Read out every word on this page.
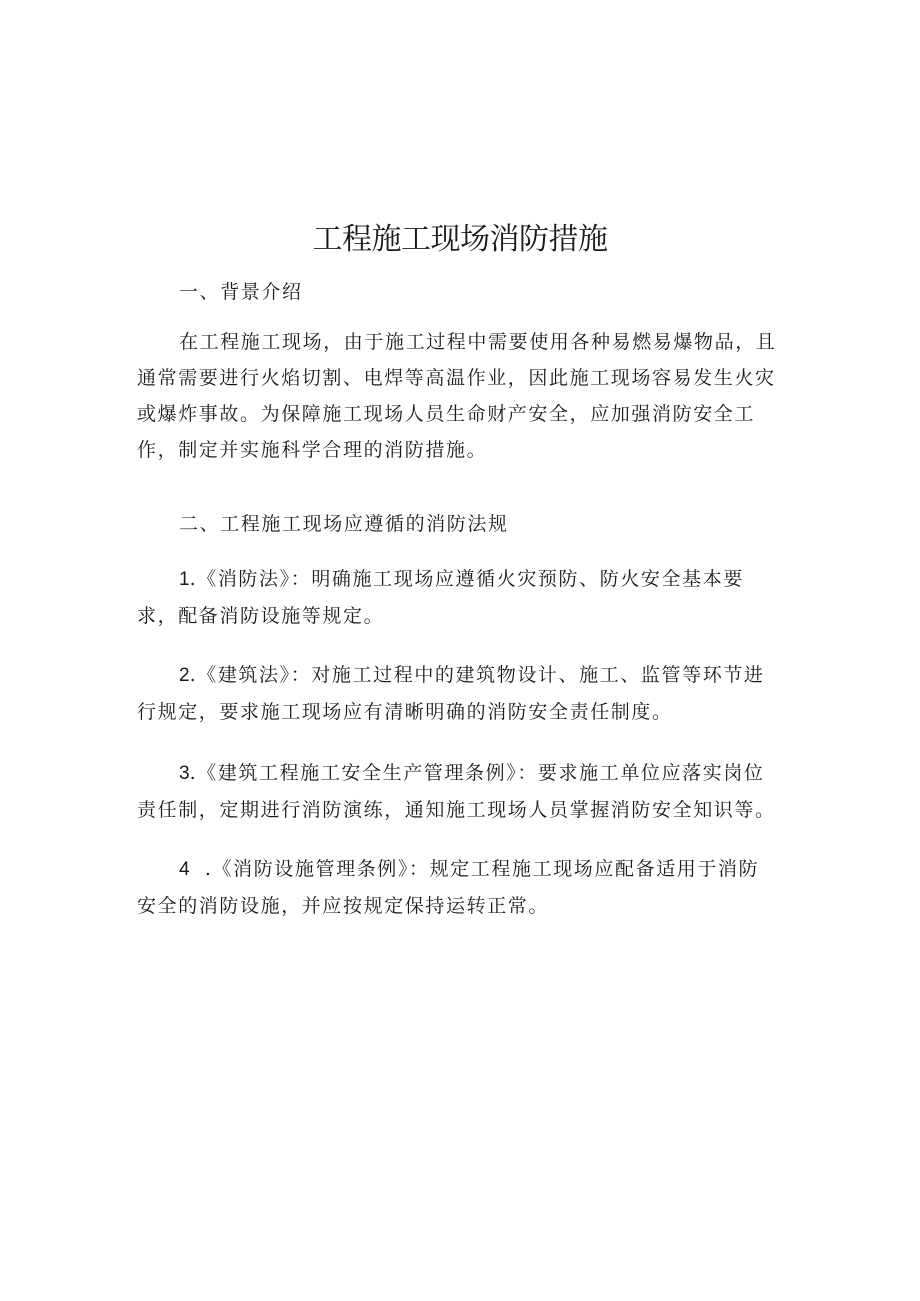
工程施工现场消防措施

一、背景介绍

在工程施工现场，由于施工过程中需要使用各种易燃易爆物品，且通常需要进行火焰切割、电焊等高温作业，因此施工现场容易发生火灾或爆炸事故。为保障施工现场人员生命财产安全，应加强消防安全工作，制定并实施科学合理的消防措施。

二、工程施工现场应遵循的消防法规

1.《消防法》：明确施工现场应遵循火灾预防、防火安全基本要求，配备消防设施等规定。

2.《建筑法》：对施工过程中的建筑物设计、施工、监管等环节进行规定，要求施工现场应有清晰明确的消防安全责任制度。

3.《建筑工程施工安全生产管理条例》：要求施工单位应落实岗位责任制，定期进行消防演练，通知施工现场人员掌握消防安全知识等。

4  .《消防设施管理条例》：规定工程施工现场应配备适用于消防安全的消防设施，并应按规定保持运转正常。
